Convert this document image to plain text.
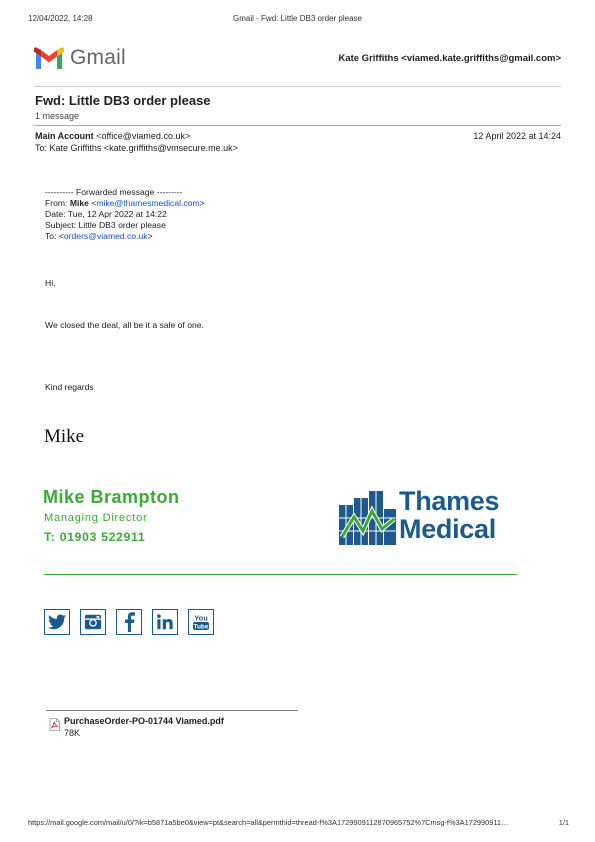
12/04/2022, 14:28	Gmail - Fwd: Little DB3 order please
Gmail	Kate Griffiths <viamed.kate.griffiths@gmail.com>
Fwd: Little DB3 order please
1 message
Main Account <office@viamed.co.uk>	12 April 2022 at 14:24
To: Kate Griffiths <kate.griffiths@vmsecure.me.uk>
---------- Forwarded message ---------
From: Mike <mike@thamesmedical.com>
Date: Tue, 12 Apr 2022 at 14:22
Subject: Little DB3 order please
To: <orders@viamed.co.uk>
Hi,
We closed the deal, all be it a sale of one.
Kind regards
Mike
Mike Brampton
Managing Director
T: 01903 522911
Thames
Medical
You
Tube
PurchaseOrder-PO-01744 Viamed.pdf
78K
https://mail.google.com/mail/u/0/?ik=b5871a5be0&view=pt&search=all&permthid=thread-f%3A1729909112870965752%7Cmsg-f%3A172990911…	1/1
